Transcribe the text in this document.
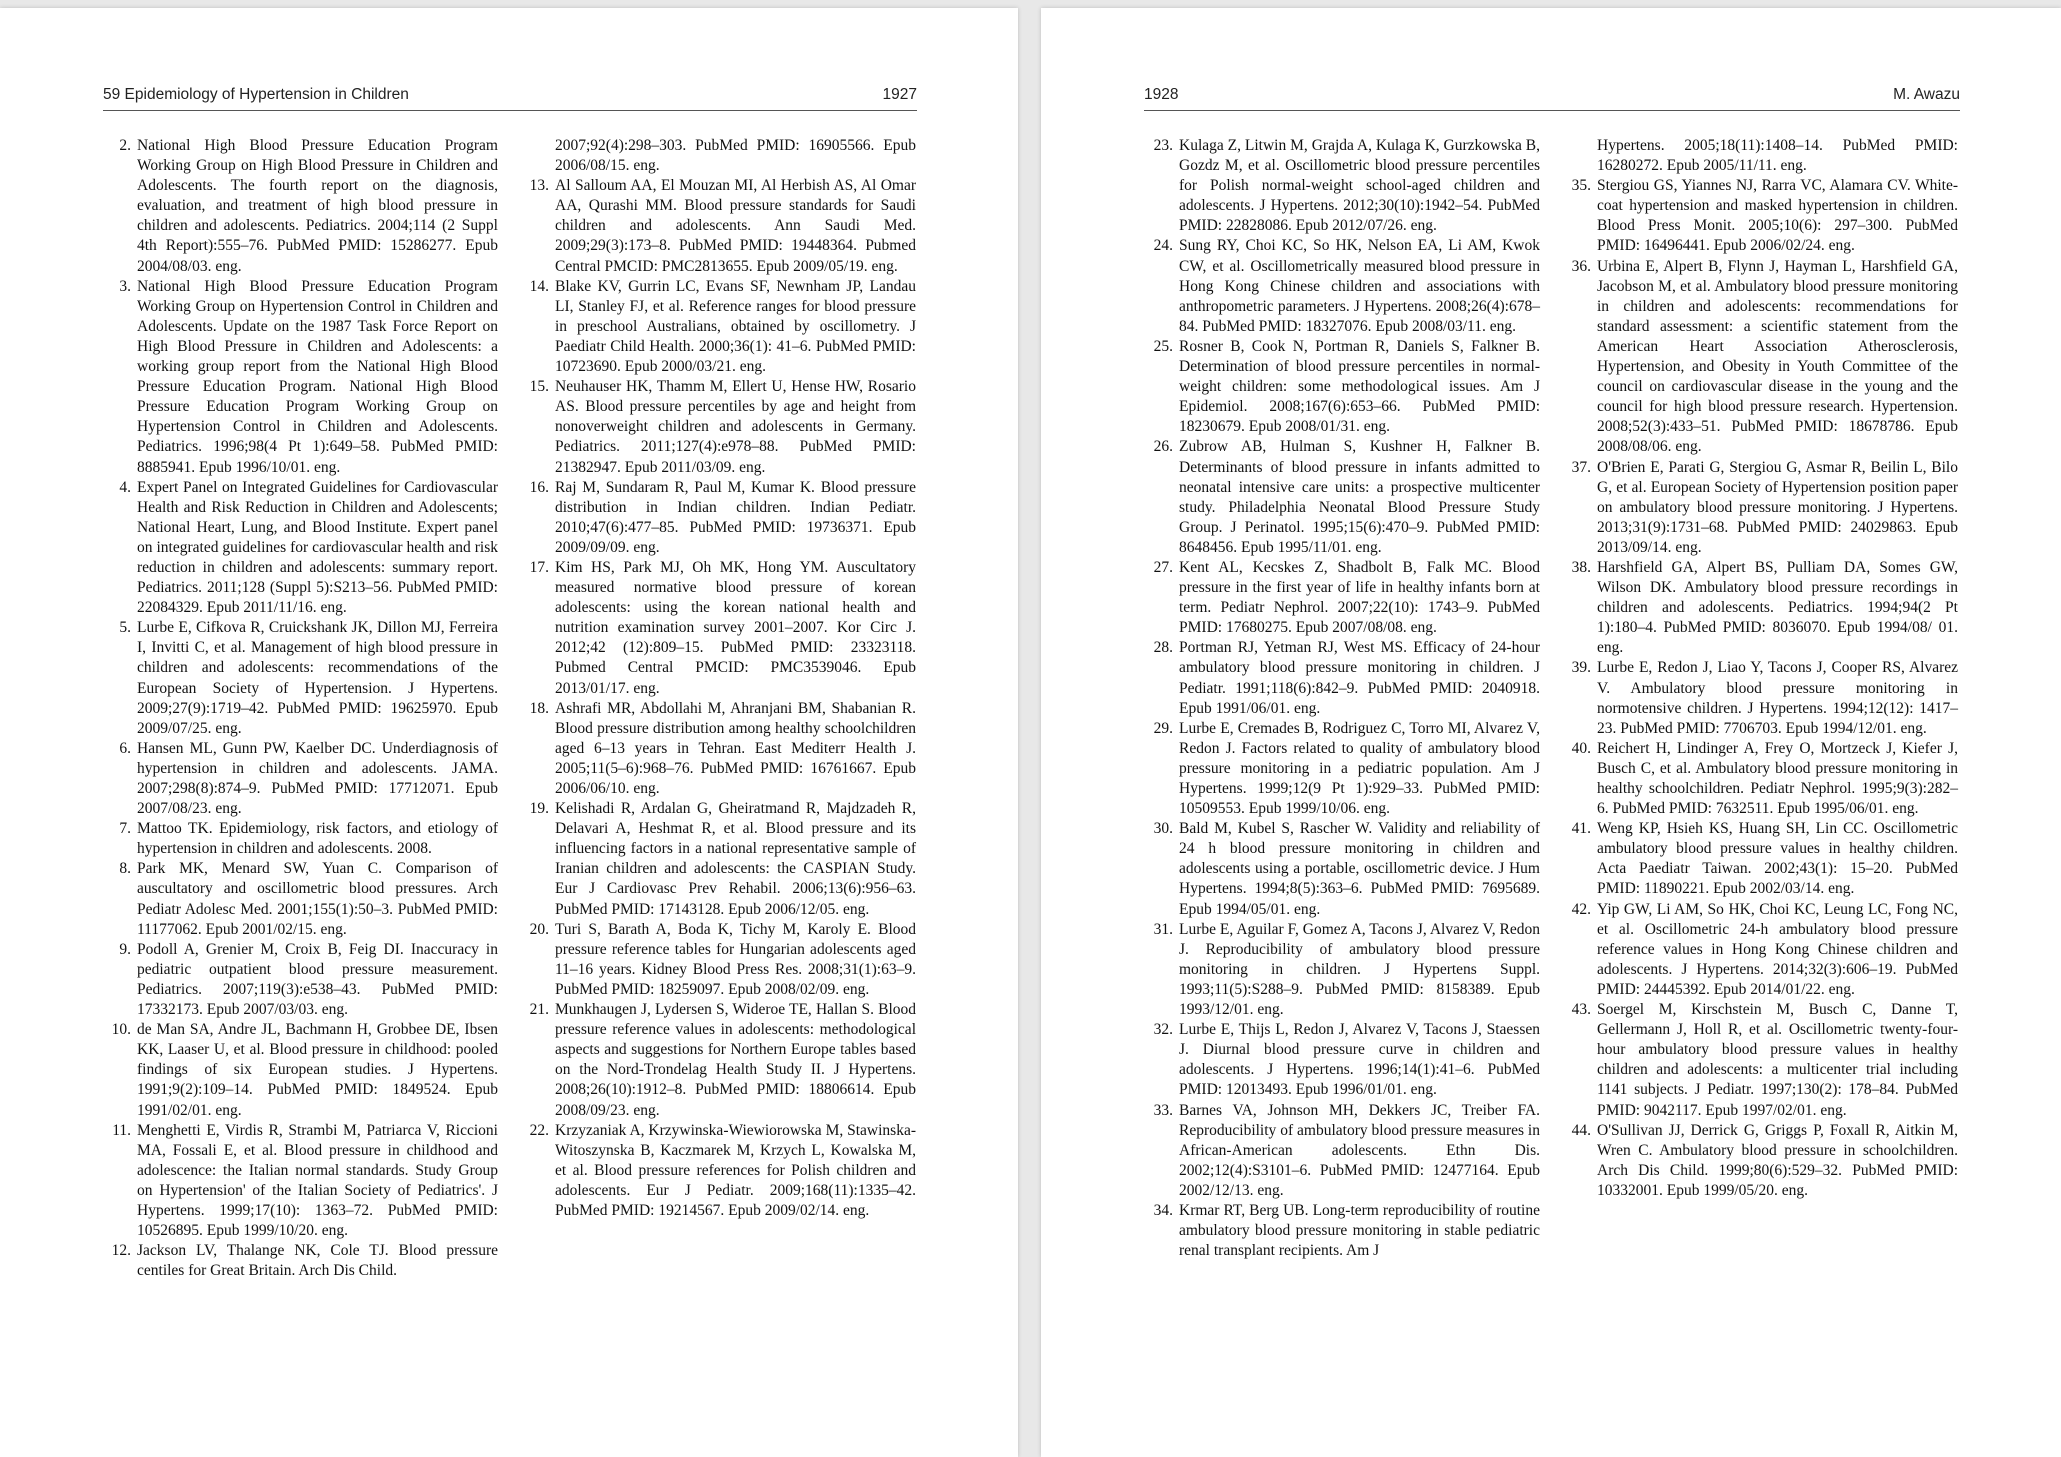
59 Epidemiology of Hypertension in Children	1927
2. National High Blood Pressure Education Program Working Group on High Blood Pressure in Children and Adolescents. The fourth report on the diagnosis, evaluation, and treatment of high blood pressure in children and adolescents. Pediatrics. 2004;114 (2 Suppl 4th Report):555–76. PubMed PMID: 15286277. Epub 2004/08/03. eng.
3. National High Blood Pressure Education Program Working Group on Hypertension Control in Children and Adolescents. Update on the 1987 Task Force Report on High Blood Pressure in Children and Adolescents: a working group report from the National High Blood Pressure Education Program. National High Blood Pressure Education Program Working Group on Hypertension Control in Children and Adolescents. Pediatrics. 1996;98(4 Pt 1):649–58. PubMed PMID: 8885941. Epub 1996/10/01. eng.
4. Expert Panel on Integrated Guidelines for Cardiovascular Health and Risk Reduction in Children and Adolescents; National Heart, Lung, and Blood Institute. Expert panel on integrated guidelines for cardiovascular health and risk reduction in children and adolescents: summary report. Pediatrics. 2011;128 (Suppl 5):S213–56. PubMed PMID: 22084329. Epub 2011/11/16. eng.
5. Lurbe E, Cifkova R, Cruickshank JK, Dillon MJ, Ferreira I, Invitti C, et al. Management of high blood pressure in children and adolescents: recommendations of the European Society of Hypertension. J Hypertens. 2009;27(9):1719–42. PubMed PMID: 19625970. Epub 2009/07/25. eng.
6. Hansen ML, Gunn PW, Kaelber DC. Underdiagnosis of hypertension in children and adolescents. JAMA. 2007;298(8):874–9. PubMed PMID: 17712071. Epub 2007/08/23. eng.
7. Mattoo TK. Epidemiology, risk factors, and etiology of hypertension in children and adolescents. 2008.
8. Park MK, Menard SW, Yuan C. Comparison of auscultatory and oscillometric blood pressures. Arch Pediatr Adolesc Med. 2001;155(1):50–3. PubMed PMID: 11177062. Epub 2001/02/15. eng.
9. Podoll A, Grenier M, Croix B, Feig DI. Inaccuracy in pediatric outpatient blood pressure measurement. Pediatrics. 2007;119(3):e538–43. PubMed PMID: 17332173. Epub 2007/03/03. eng.
10. de Man SA, Andre JL, Bachmann H, Grobbee DE, Ibsen KK, Laaser U, et al. Blood pressure in childhood: pooled findings of six European studies. J Hypertens. 1991;9(2):109–14. PubMed PMID: 1849524. Epub 1991/02/01. eng.
11. Menghetti E, Virdis R, Strambi M, Patriarca V, Riccioni MA, Fossali E, et al. Blood pressure in childhood and adolescence: the Italian normal standards. Study Group on Hypertension' of the Italian Society of Pediatrics'. J Hypertens. 1999;17(10): 1363–72. PubMed PMID: 10526895. Epub 1999/10/20. eng.
12. Jackson LV, Thalange NK, Cole TJ. Blood pressure centiles for Great Britain. Arch Dis Child.
2007;92(4):298–303. PubMed PMID: 16905566. Epub 2006/08/15. eng.
13. Al Salloum AA, El Mouzan MI, Al Herbish AS, Al Omar AA, Qurashi MM. Blood pressure standards for Saudi children and adolescents. Ann Saudi Med. 2009;29(3):173–8. PubMed PMID: 19448364. Pubmed Central PMCID: PMC2813655. Epub 2009/05/19. eng.
14. Blake KV, Gurrin LC, Evans SF, Newnham JP, Landau LI, Stanley FJ, et al. Reference ranges for blood pressure in preschool Australians, obtained by oscillometry. J Paediatr Child Health. 2000;36(1): 41–6. PubMed PMID: 10723690. Epub 2000/03/21. eng.
15. Neuhauser HK, Thamm M, Ellert U, Hense HW, Rosario AS. Blood pressure percentiles by age and height from nonoverweight children and adolescents in Germany. Pediatrics. 2011;127(4):e978–88. PubMed PMID: 21382947. Epub 2011/03/09. eng.
16. Raj M, Sundaram R, Paul M, Kumar K. Blood pressure distribution in Indian children. Indian Pediatr. 2010;47(6):477–85. PubMed PMID: 19736371. Epub 2009/09/09. eng.
17. Kim HS, Park MJ, Oh MK, Hong YM. Auscultatory measured normative blood pressure of korean adolescents: using the korean national health and nutrition examination survey 2001–2007. Kor Circ J. 2012;42 (12):809–15. PubMed PMID: 23323118. Pubmed Central PMCID: PMC3539046. Epub 2013/01/17. eng.
18. Ashrafi MR, Abdollahi M, Ahranjani BM, Shabanian R. Blood pressure distribution among healthy schoolchildren aged 6–13 years in Tehran. East Mediterr Health J. 2005;11(5–6):968–76. PubMed PMID: 16761667. Epub 2006/06/10. eng.
19. Kelishadi R, Ardalan G, Gheiratmand R, Majdzadeh R, Delavari A, Heshmat R, et al. Blood pressure and its influencing factors in a national representative sample of Iranian children and adolescents: the CASPIAN Study. Eur J Cardiovasc Prev Rehabil. 2006;13(6):956–63. PubMed PMID: 17143128. Epub 2006/12/05. eng.
20. Turi S, Barath A, Boda K, Tichy M, Karoly E. Blood pressure reference tables for Hungarian adolescents aged 11–16 years. Kidney Blood Press Res. 2008;31(1):63–9. PubMed PMID: 18259097. Epub 2008/02/09. eng.
21. Munkhaugen J, Lydersen S, Wideroe TE, Hallan S. Blood pressure reference values in adolescents: methodological aspects and suggestions for Northern Europe tables based on the Nord-Trondelag Health Study II. J Hypertens. 2008;26(10):1912–8. PubMed PMID: 18806614. Epub 2008/09/23. eng.
22. Krzyzaniak A, Krzywinska-Wiewiorowska M, Stawinska-Witoszynska B, Kaczmarek M, Krzych L, Kowalska M, et al. Blood pressure references for Polish children and adolescents. Eur J Pediatr. 2009;168(11):1335–42. PubMed PMID: 19214567. Epub 2009/02/14. eng.
1928	M. Awazu
23. Kulaga Z, Litwin M, Grajda A, Kulaga K, Gurzkowska B, Gozdz M, et al. Oscillometric blood pressure percentiles for Polish normal-weight school-aged children and adolescents. J Hypertens. 2012;30(10):1942–54. PubMed PMID: 22828086. Epub 2012/07/26. eng.
24. Sung RY, Choi KC, So HK, Nelson EA, Li AM, Kwok CW, et al. Oscillometrically measured blood pressure in Hong Kong Chinese children and associations with anthropometric parameters. J Hypertens. 2008;26(4):678–84. PubMed PMID: 18327076. Epub 2008/03/11. eng.
25. Rosner B, Cook N, Portman R, Daniels S, Falkner B. Determination of blood pressure percentiles in normal-weight children: some methodological issues. Am J Epidemiol. 2008;167(6):653–66. PubMed PMID: 18230679. Epub 2008/01/31. eng.
26. Zubrow AB, Hulman S, Kushner H, Falkner B. Determinants of blood pressure in infants admitted to neonatal intensive care units: a prospective multicenter study. Philadelphia Neonatal Blood Pressure Study Group. J Perinatol. 1995;15(6):470–9. PubMed PMID: 8648456. Epub 1995/11/01. eng.
27. Kent AL, Kecskes Z, Shadbolt B, Falk MC. Blood pressure in the first year of life in healthy infants born at term. Pediatr Nephrol. 2007;22(10): 1743–9. PubMed PMID: 17680275. Epub 2007/08/08. eng.
28. Portman RJ, Yetman RJ, West MS. Efficacy of 24-hour ambulatory blood pressure monitoring in children. J Pediatr. 1991;118(6):842–9. PubMed PMID: 2040918. Epub 1991/06/01. eng.
29. Lurbe E, Cremades B, Rodriguez C, Torro MI, Alvarez V, Redon J. Factors related to quality of ambulatory blood pressure monitoring in a pediatric population. Am J Hypertens. 1999;12(9 Pt 1):929–33. PubMed PMID: 10509553. Epub 1999/10/06. eng.
30. Bald M, Kubel S, Rascher W. Validity and reliability of 24 h blood pressure monitoring in children and adolescents using a portable, oscillometric device. J Hum Hypertens. 1994;8(5):363–6. PubMed PMID: 7695689. Epub 1994/05/01. eng.
31. Lurbe E, Aguilar F, Gomez A, Tacons J, Alvarez V, Redon J. Reproducibility of ambulatory blood pressure monitoring in children. J Hypertens Suppl. 1993;11(5):S288–9. PubMed PMID: 8158389. Epub 1993/12/01. eng.
32. Lurbe E, Thijs L, Redon J, Alvarez V, Tacons J, Staessen J. Diurnal blood pressure curve in children and adolescents. J Hypertens. 1996;14(1):41–6. PubMed PMID: 12013493. Epub 1996/01/01. eng.
33. Barnes VA, Johnson MH, Dekkers JC, Treiber FA. Reproducibility of ambulatory blood pressure measures in African-American adolescents. Ethn Dis. 2002;12(4):S3101–6. PubMed PMID: 12477164. Epub 2002/12/13. eng.
34. Krmar RT, Berg UB. Long-term reproducibility of routine ambulatory blood pressure monitoring in stable pediatric renal transplant recipients. Am J
Hypertens. 2005;18(11):1408–14. PubMed PMID: 16280272. Epub 2005/11/11. eng.
35. Stergiou GS, Yiannes NJ, Rarra VC, Alamara CV. White-coat hypertension and masked hypertension in children. Blood Press Monit. 2005;10(6): 297–300. PubMed PMID: 16496441. Epub 2006/02/24. eng.
36. Urbina E, Alpert B, Flynn J, Hayman L, Harshfield GA, Jacobson M, et al. Ambulatory blood pressure monitoring in children and adolescents: recommendations for standard assessment: a scientific statement from the American Heart Association Atherosclerosis, Hypertension, and Obesity in Youth Committee of the council on cardiovascular disease in the young and the council for high blood pressure research. Hypertension. 2008;52(3):433–51. PubMed PMID: 18678786. Epub 2008/08/06. eng.
37. O'Brien E, Parati G, Stergiou G, Asmar R, Beilin L, Bilo G, et al. European Society of Hypertension position paper on ambulatory blood pressure monitoring. J Hypertens. 2013;31(9):1731–68. PubMed PMID: 24029863. Epub 2013/09/14. eng.
38. Harshfield GA, Alpert BS, Pulliam DA, Somes GW, Wilson DK. Ambulatory blood pressure recordings in children and adolescents. Pediatrics. 1994;94(2 Pt 1):180–4. PubMed PMID: 8036070. Epub 1994/08/ 01. eng.
39. Lurbe E, Redon J, Liao Y, Tacons J, Cooper RS, Alvarez V. Ambulatory blood pressure monitoring in normotensive children. J Hypertens. 1994;12(12): 1417–23. PubMed PMID: 7706703. Epub 1994/12/01. eng.
40. Reichert H, Lindinger A, Frey O, Mortzeck J, Kiefer J, Busch C, et al. Ambulatory blood pressure monitoring in healthy schoolchildren. Pediatr Nephrol. 1995;9(3):282–6. PubMed PMID: 7632511. Epub 1995/06/01. eng.
41. Weng KP, Hsieh KS, Huang SH, Lin CC. Oscillometric ambulatory blood pressure values in healthy children. Acta Paediatr Taiwan. 2002;43(1): 15–20. PubMed PMID: 11890221. Epub 2002/03/14. eng.
42. Yip GW, Li AM, So HK, Choi KC, Leung LC, Fong NC, et al. Oscillometric 24-h ambulatory blood pressure reference values in Hong Kong Chinese children and adolescents. J Hypertens. 2014;32(3):606–19. PubMed PMID: 24445392. Epub 2014/01/22. eng.
43. Soergel M, Kirschstein M, Busch C, Danne T, Gellermann J, Holl R, et al. Oscillometric twenty-four-hour ambulatory blood pressure values in healthy children and adolescents: a multicenter trial including 1141 subjects. J Pediatr. 1997;130(2): 178–84. PubMed PMID: 9042117. Epub 1997/02/01. eng.
44. O'Sullivan JJ, Derrick G, Griggs P, Foxall R, Aitkin M, Wren C. Ambulatory blood pressure in schoolchildren. Arch Dis Child. 1999;80(6):529–32. PubMed PMID: 10332001. Epub 1999/05/20. eng.
